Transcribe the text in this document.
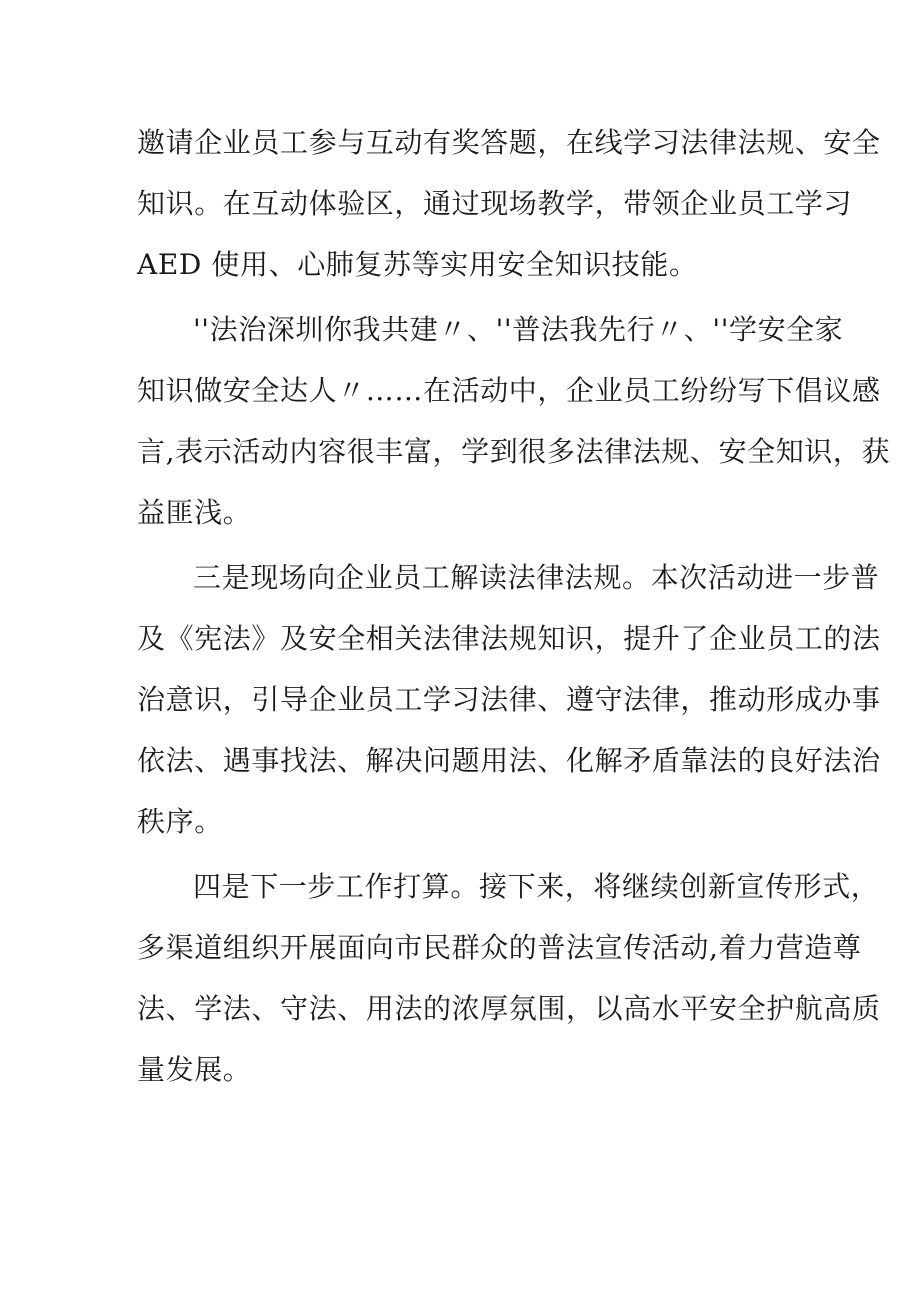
邀请企业员工参与互动有奖答题，在线学习法律法规、安全
知识。在互动体验区，通过现场教学，带领企业员工学习
AED 使用、心肺复苏等实用安全知识技能。
''法治深圳你我共建〃、''普法我先行〃、''学安全家
知识做安全达人〃……在活动中，企业员工纷纷写下倡议感
言,表示活动内容很丰富，学到很多法律法规、安全知识，获
益匪浅。
三是现场向企业员工解读法律法规。本次活动进一步普
及《宪法》及安全相关法律法规知识，提升了企业员工的法
治意识，引导企业员工学习法律、遵守法律，推动形成办事
依法、遇事找法、解决问题用法、化解矛盾靠法的良好法治
秩序。
四是下一步工作打算。接下来，将继续创新宣传形式，
多渠道组织开展面向市民群众的普法宣传活动,着力营造尊
法、学法、守法、用法的浓厚氛围，以高水平安全护航高质
量发展。
